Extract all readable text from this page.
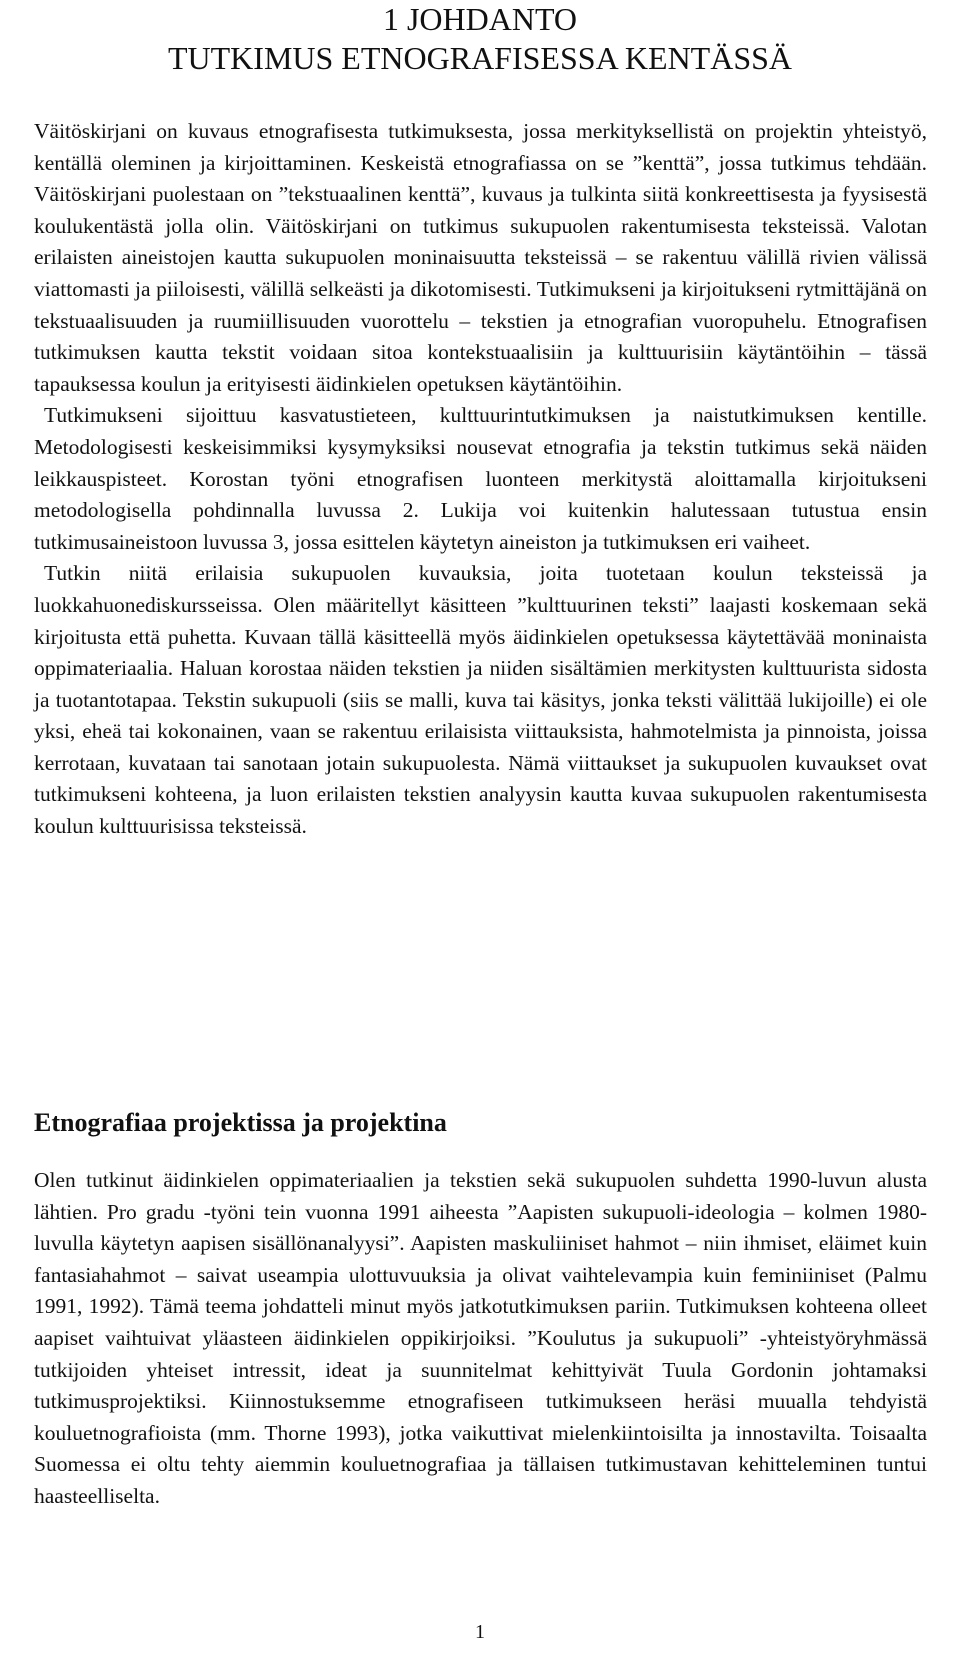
1 JOHDANTO
TUTKIMUS ETNOGRAFISESSA KENTÄSSÄ

Väitöskirjani on kuvaus etnografisesta tutkimuksesta, jossa merkityksellistä on projektin yhteistyö, kentällä oleminen ja kirjoittaminen. Keskeistä etnografiassa on se ”kenttä”, jossa tutkimus tehdään. Väitöskirjani puolestaan on ”tekstuaalinen kenttä”, kuvaus ja tulkinta siitä konkreettisesta ja fyysisestä koulukentästä jolla olin. Väitöskirjani on tutkimus sukupuolen rakentumisesta teksteissä. Valotan erilaisten aineistojen kautta sukupuolen moninaisuutta teksteissä – se rakentuu välillä rivien välissä viattomasti ja piiloisesti, välillä selkeästi ja dikotomisesti. Tutkimukseni ja kirjoitukseni rytmittäjänä on tekstuaalisuuden ja ruumiillisuuden vuorottelu – tekstien ja etnografian vuoropuhelu. Etnografisen tutkimuksen kautta tekstit voidaan sitoa kontekstuaalisiin ja kulttuurisiin käytäntöihin – tässä tapauksessa koulun ja erityisesti äidinkielen opetuksen käytäntöihin.

Tutkimukseni sijoittuu kasvatustieteen, kulttuurintutkimuksen ja naistutkimuksen kentille. Metodologisesti keskeisimmiksi kysymyksiksi nousevat etnografia ja tekstin tutkimus sekä näiden leikkauspisteet. Korostan työni etnografisen luonteen merkitystä aloittamalla kirjoitukseni metodologisella pohdinnalla luvussa 2. Lukija voi kuitenkin halutessaan tutustua ensin tutkimusaineistoon luvussa 3, jossa esittelen käytetyn aineiston ja tutkimuksen eri vaiheet.

Tutkin niitä erilaisia sukupuolen kuvauksia, joita tuotetaan koulun teksteissä ja luokkahuonediskursseissa. Olen määritellyt käsitteen ”kulttuurinen teksti” laajasti koskemaan sekä kirjoitusta että puhetta. Kuvaan tällä käsitteellä myös äidinkielen opetuksessa käytettävää moninaista oppimateriaalia. Haluan korostaa näiden tekstien ja niiden sisältämien merkitysten kulttuurista sidosta ja tuotantotapaa. Tekstin sukupuoli (siis se malli, kuva tai käsitys, jonka teksti välittää lukijoille) ei ole yksi, eheä tai kokonainen, vaan se rakentuu erilaisista viittauksista, hahmotelmista ja pinnoista, joissa kerrotaan, kuvataan tai sanotaan jotain sukupuolesta. Nämä viittaukset ja sukupuolen kuvaukset ovat tutkimukseni kohteena, ja luon erilaisten tekstien analyysin kautta kuvaa sukupuolen rakentumisesta koulun kulttuurisissa teksteissä.

Etnografiaa projektissa ja projektina

Olen tutkinut äidinkielen oppimateriaalien ja tekstien sekä sukupuolen suhdetta 1990-luvun alusta lähtien. Pro gradu -työni tein vuonna 1991 aiheesta ”Aapisten sukupuoli-ideologia – kolmen 1980-luvulla käytetyn aapisen sisällönanalyysi”. Aapisten maskuliiniset hahmot – niin ihmiset, eläimet kuin fantasiahahmot – saivat useampia ulottuvuuksia ja olivat vaihtelevampia kuin feminiiniset (Palmu 1991, 1992). Tämä teema johdatteli minut myös jatkotutkimuksen pariin. Tutkimuksen kohteena olleet aapiset vaihtuivat yläasteen äidinkielen oppikirjoiksi. ”Koulutus ja sukupuoli” -yhteistyöryhmässä tutkijoiden yhteiset intressit, ideat ja suunnitelmat kehittyivät Tuula Gordonin johtamaksi tutkimusprojektiksi. Kiinnostuksemme etnografiseen tutkimukseen heräsi muualla tehdyistä kouluetnografioista (mm. Thorne 1993), jotka vaikuttivat mielenkiintoisilta ja innostavilta. Toisaalta Suomessa ei oltu tehty aiemmin kouluetnografiaa ja tällaisen tutkimustavan kehitteleminen tuntui haasteelliselta.

1
